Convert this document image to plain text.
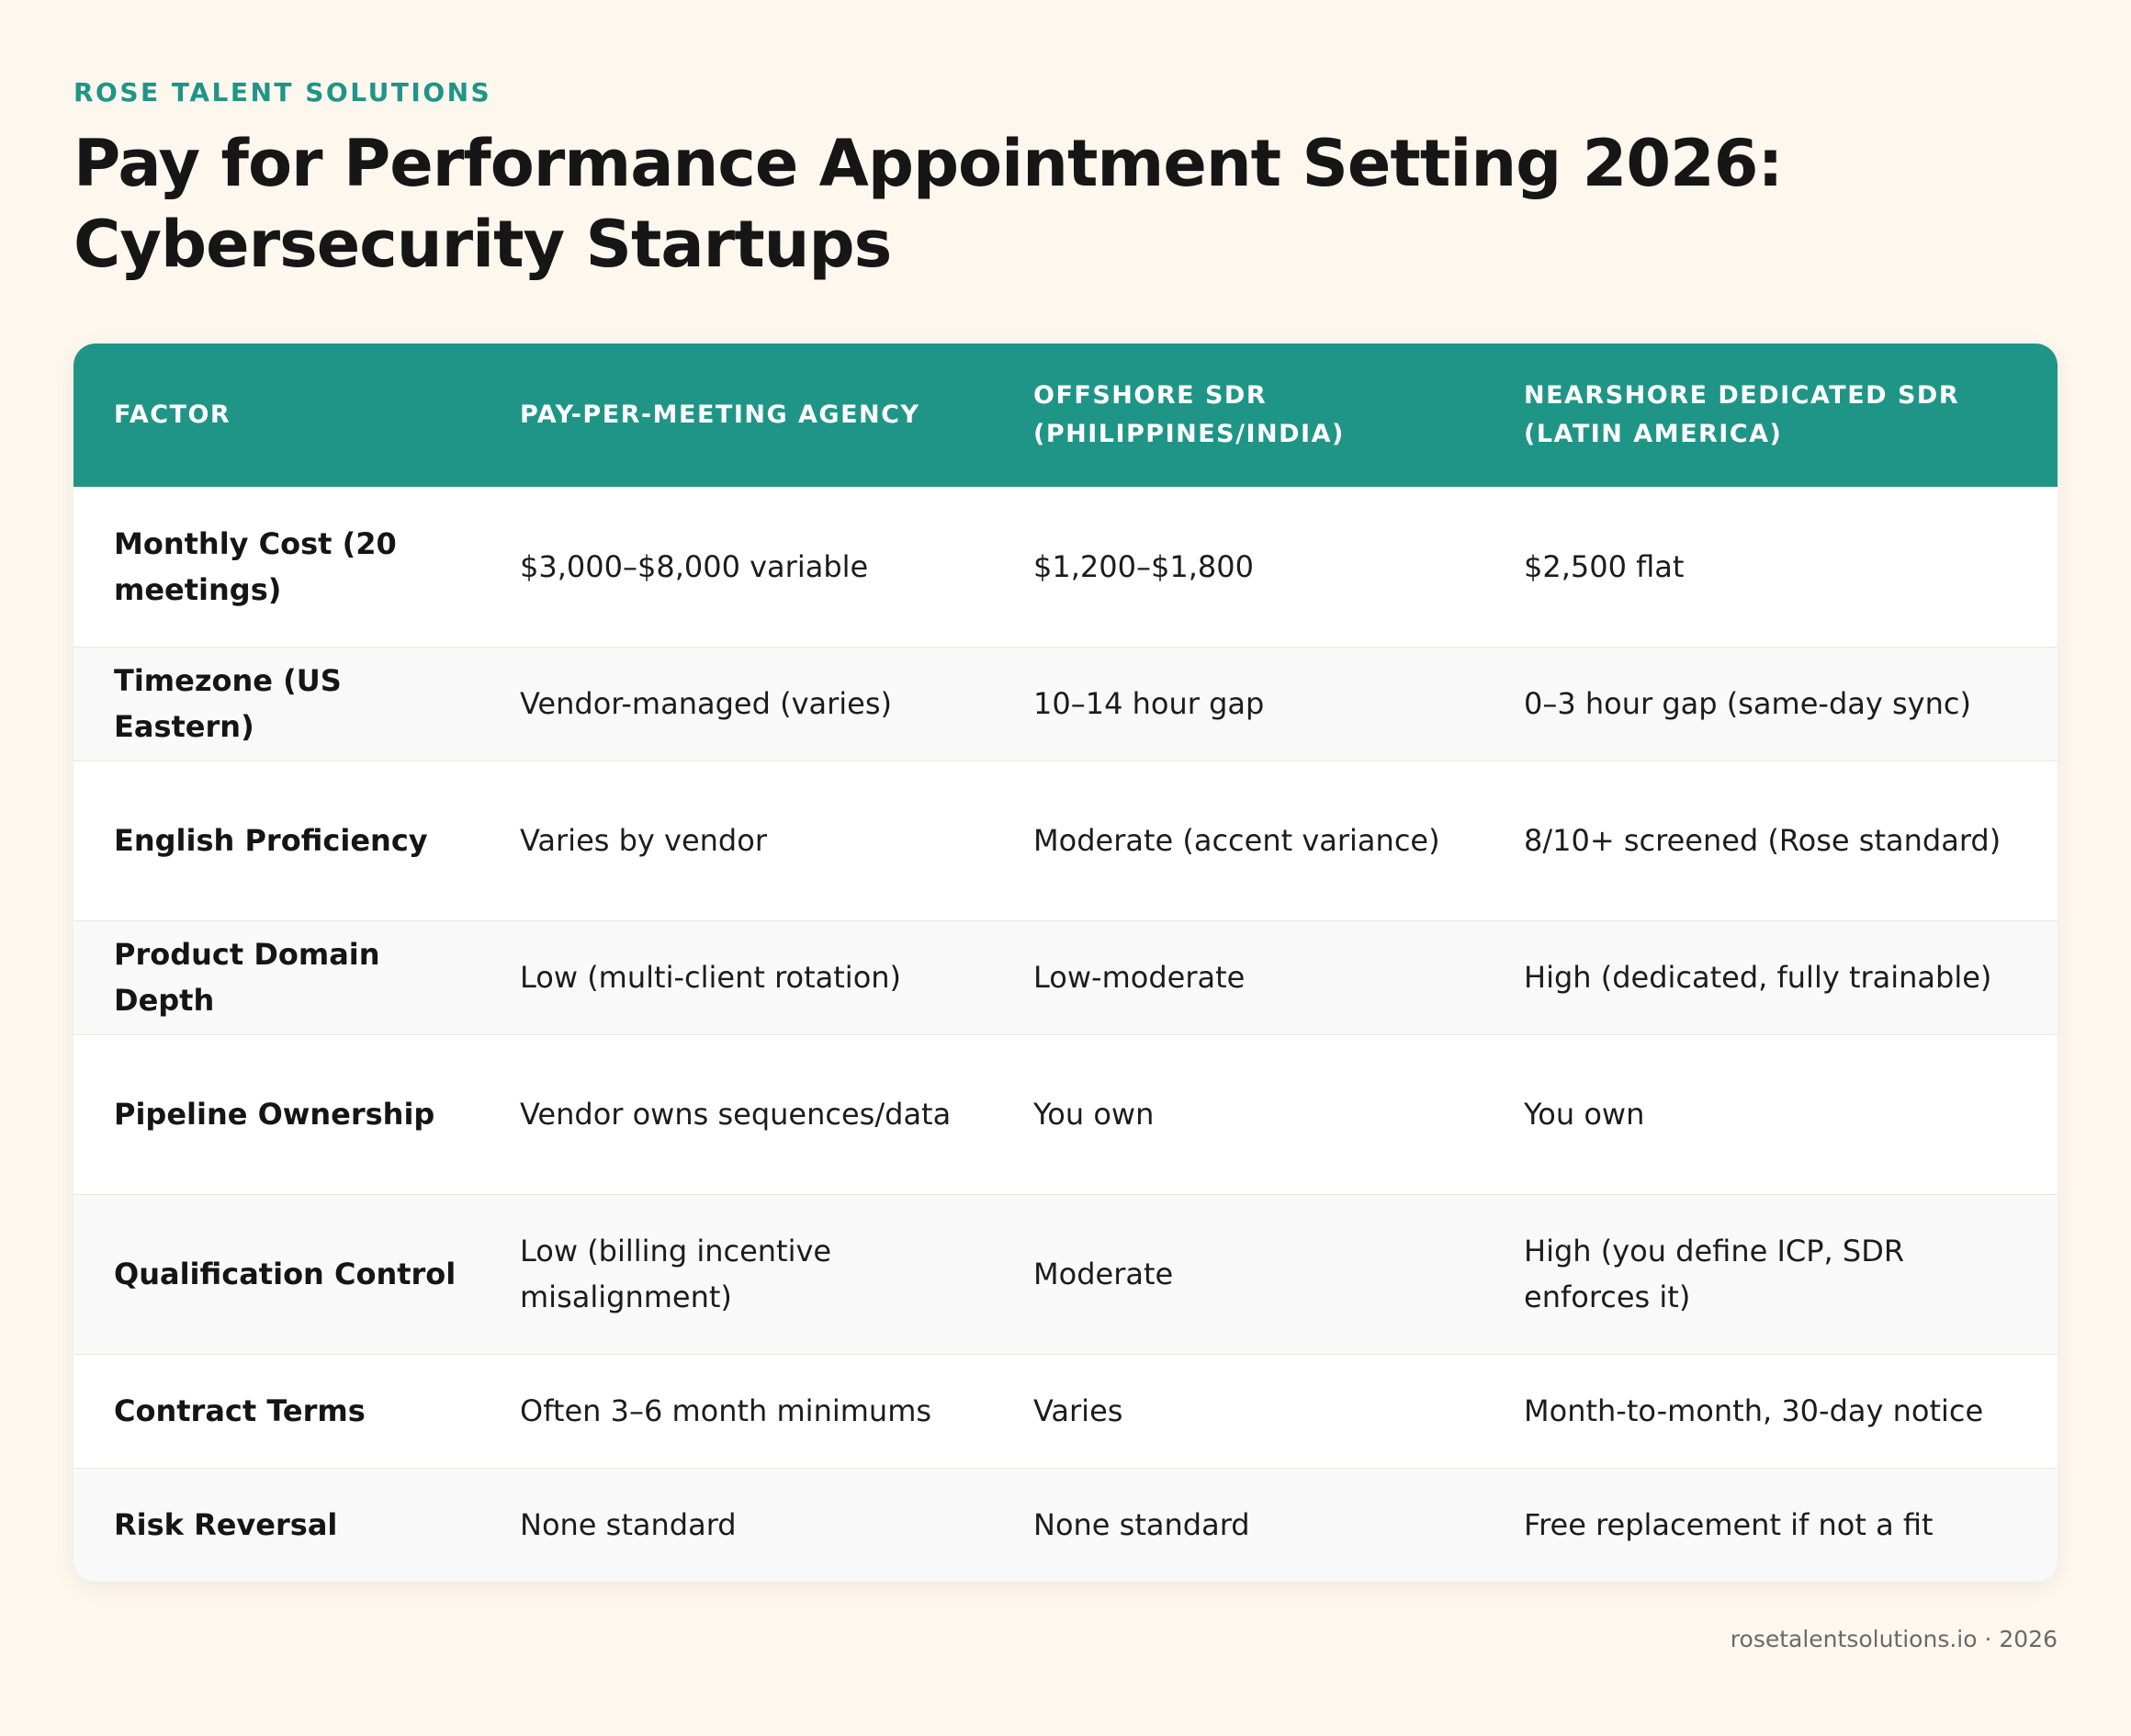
ROSE TALENT SOLUTIONS
Pay for Performance Appointment Setting 2026: Cybersecurity Startups
FACTOR	PAY-PER-MEETING AGENCY	OFFSHORE SDR (PHILIPPINES/INDIA)	NEARSHORE DEDICATED SDR (LATIN AMERICA)
Monthly Cost (20 meetings)	$3,000–$8,000 variable	$1,200–$1,800	$2,500 flat
Timezone (US Eastern)	Vendor-managed (varies)	10–14 hour gap	0–3 hour gap (same-day sync)
English Proficiency	Varies by vendor	Moderate (accent variance)	8/10+ screened (Rose standard)
Product Domain Depth	Low (multi-client rotation)	Low-moderate	High (dedicated, fully trainable)
Pipeline Ownership	Vendor owns sequences/data	You own	You own
Qualification Control	Low (billing incentive misalignment)	Moderate	High (you define ICP, SDR enforces it)
Contract Terms	Often 3–6 month minimums	Varies	Month-to-month, 30-day notice
Risk Reversal	None standard	None standard	Free replacement if not a fit
rosetalentsolutions.io · 2026
